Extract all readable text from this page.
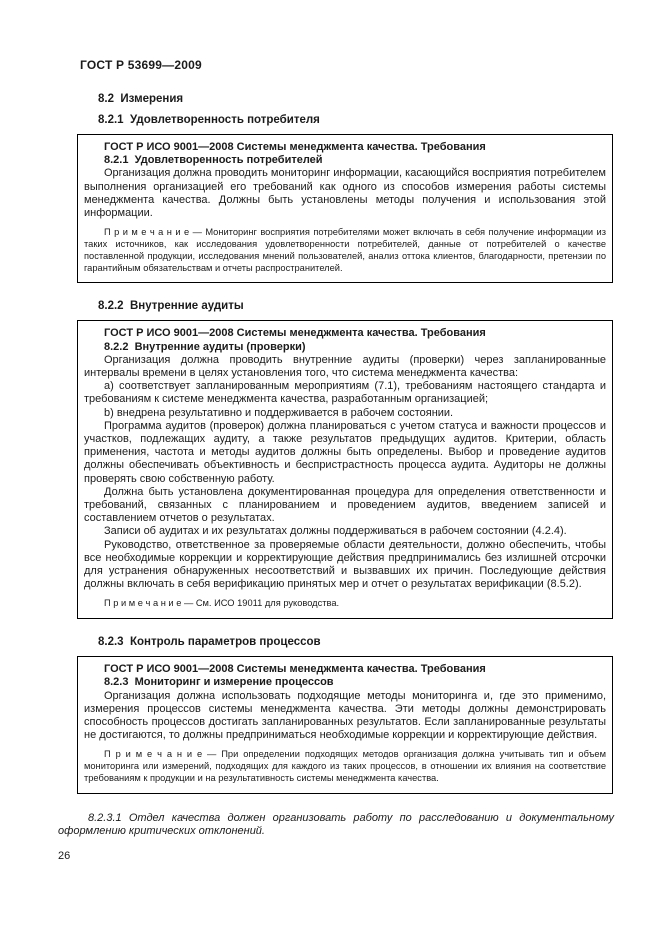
ГОСТ Р 53699—2009
8.2  Измерения
8.2.1  Удовлетворенность потребителя

ГОСТ Р ИСО 9001—2008 Системы менеджмента качества. Требования

8.2.1  Удовлетворенность потребителей

Организация должна проводить мониторинг информации, касающийся восприятия потребителем выполнения организацией его требований как одного из способов измерения работы системы менеджмента качества. Должны быть установлены методы получения и использования этой информации.

П р и м е ч а н и е — Мониторинг восприятия потребителями может включать в себя получение информации из таких источников, как исследования удовлетворенности потребителей, данные от потребителей о качестве поставленной продукции, исследования мнений пользователей, анализ оттока клиентов, благодарности, претензии по гарантийным обязательствам и отчеты распространителей.

8.2.2  Внутренние аудиты

ГОСТ Р ИСО 9001—2008 Системы менеджмента качества. Требования

8.2.2  Внутренние аудиты (проверки)

Организация должна проводить внутренние аудиты (проверки) через запланированные интервалы времени в целях установления того, что система менеджмента качества:

a) соответствует запланированным мероприятиям (7.1), требованиям настоящего стандарта и требованиям к системе менеджмента качества, разработанным организацией;

b) внедрена результативно и поддерживается в рабочем состоянии.

Программа аудитов (проверок) должна планироваться с учетом статуса и важности процессов и участков, подлежащих аудиту, а также результатов предыдущих аудитов. Критерии, область применения, частота и методы аудитов должны быть определены. Выбор и проведение аудитов должны обеспечивать объективность и беспристрастность процесса аудита. Аудиторы не должны проверять свою собственную работу.

Должна быть установлена документированная процедура для определения ответственности и требований, связанных с планированием и проведением аудитов, введением записей и составлением отчетов о результатах.

Записи об аудитах и их результатах должны поддерживаться в рабочем состоянии (4.2.4).

Руководство, ответственное за проверяемые области деятельности, должно обеспечить, чтобы все необходимые коррекции и корректирующие действия предпринимались без излишней отсрочки для устранения обнаруженных несоответствий и вызвавших их причин. Последующие действия должны включать в себя верификацию принятых мер и отчет о результатах верификации (8.5.2).

П р и м е ч а н и е — См. ИСО 19011 для руководства.

8.2.3  Контроль параметров процессов

ГОСТ Р ИСО 9001—2008 Системы менеджмента качества. Требования

8.2.3  Мониторинг и измерение процессов

Организация должна использовать подходящие методы мониторинга и, где это применимо, измерения процессов системы менеджмента качества. Эти методы должны демонстрировать способность процессов достигать запланированных результатов. Если запланированные результаты не достигаются, то должны предприниматься необходимые коррекции и корректирующие действия.

П р и м е ч а н и е — При определении подходящих методов организация должна учитывать тип и объем мониторинга или измерений, подходящих для каждого из таких процессов, в отношении их влияния на соответствие требованиям к продукции и на результативность системы менеджмента качества.

8.2.3.1 Отдел качества должен организовать работу по расследованию и документальному оформлению критических отклонений.

26
